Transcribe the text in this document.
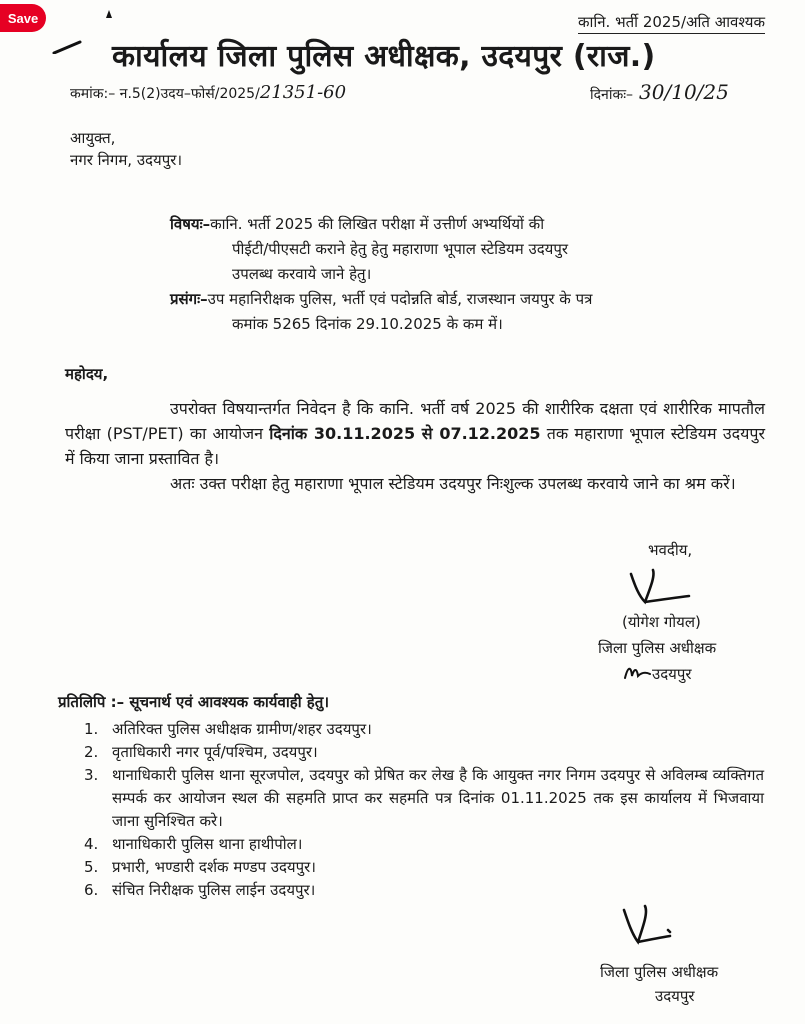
Save	कानि. भर्ती 2025/अति आवश्यक
कार्यालय जिला पुलिस अधीक्षक, उदयपुर (राज.)
कमांक:– न.5(2)उदय–फोर्स/2025/21351-60	दिनांकः– 30/10/25
आयुक्त,
नगर निगम, उदयपुर।
विषयः–कानि. भर्ती 2025 की लिखित परीक्षा में उत्तीर्ण अभ्यर्थियों की
पीईटी/पीएसटी कराने हेतु हेतु महाराणा भूपाल स्टेडियम उदयपुर
उपलब्ध करवाये जाने हेतु।
प्रसंगः–उप महानिरीक्षक पुलिस, भर्ती एवं पदोन्नति बोर्ड, राजस्थान जयपुर के पत्र
कमांक 5265 दिनांक 29.10.2025 के कम में।
महोदय,
उपरोक्त विषयान्तर्गत निवेदन है कि कानि. भर्ती वर्ष 2025 की शारीरिक दक्षता एवं शारीरिक मापतौल परीक्षा (PST/PET) का आयोजन दिनांक 30.11.2025 से 07.12.2025 तक महाराणा भूपाल स्टेडियम उदयपुर में किया जाना प्रस्तावित है।
अतः उक्त परीक्षा हेतु महाराणा भूपाल स्टेडियम उदयपुर निःशुल्क उपलब्ध करवाये जाने का श्रम करें।
भवदीय,
(योगेश गोयल)
जिला पुलिस अधीक्षक
उदयपुर
प्रतिलिपि :– सूचनार्थ एवं आवश्यक कार्यवाही हेतु।
1. अतिरिक्त पुलिस अधीक्षक ग्रामीण/शहर उदयपुर।
2. वृताधिकारी नगर पूर्व/पश्चिम, उदयपुर।
3. थानाधिकारी पुलिस थाना सूरजपोल, उदयपुर को प्रेषित कर लेख है कि आयुक्त नगर निगम उदयपुर से अविलम्ब व्यक्तिगत सम्पर्क कर आयोजन स्थल की सहमति प्राप्त कर सहमति पत्र दिनांक 01.11.2025 तक इस कार्यालय में भिजवाया जाना सुनिश्चित करे।
4. थानाधिकारी पुलिस थाना हाथीपोल।
5. प्रभारी, भण्डारी दर्शक मण्डप उदयपुर।
6. संचित निरीक्षक पुलिस लाईन उदयपुर।
जिला पुलिस अधीक्षक
उदयपुर
